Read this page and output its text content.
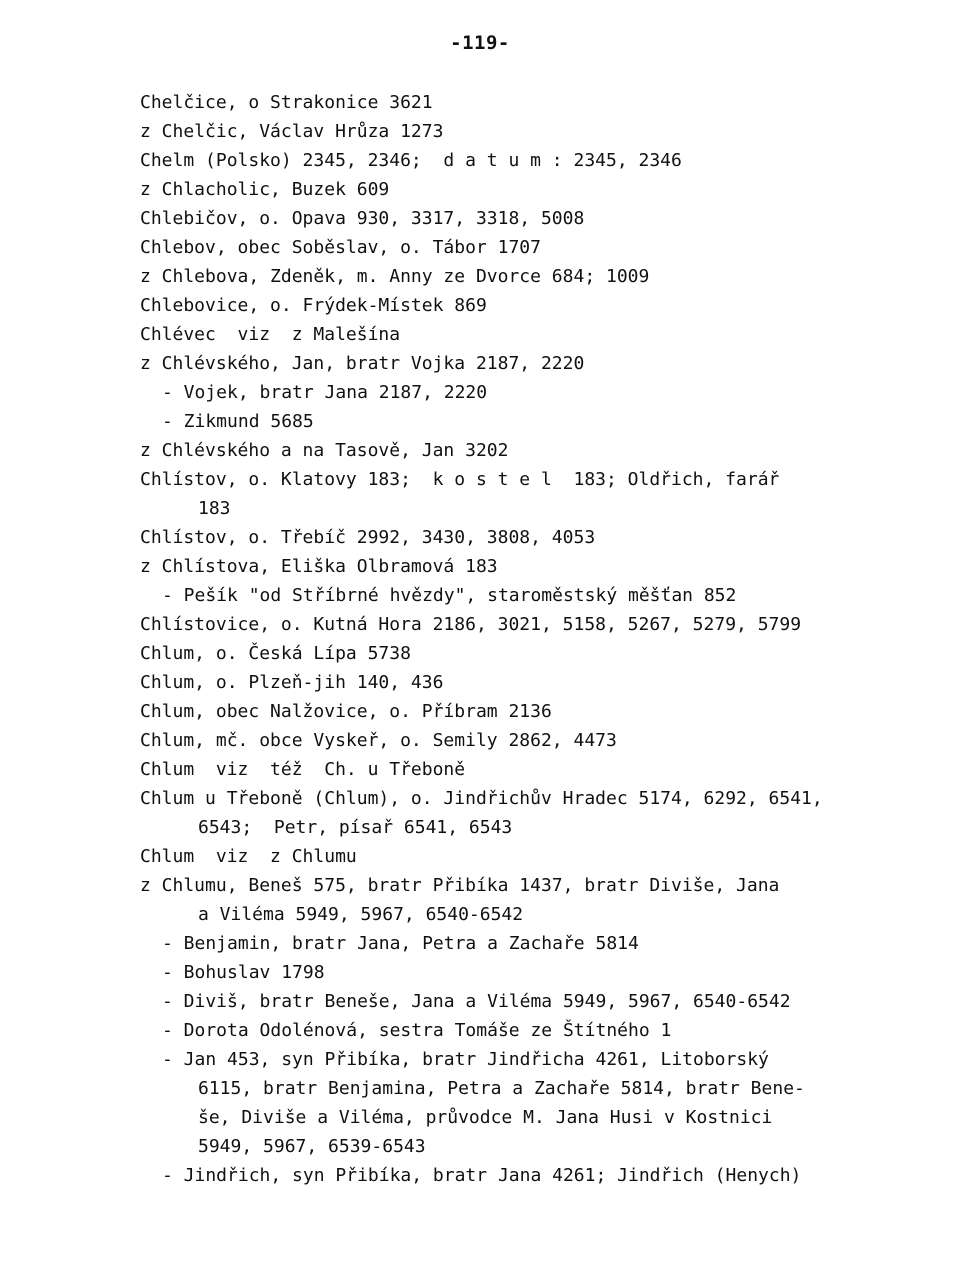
-119-
Chelčice, o Strakonice 3621
z Chelčic, Václav Hrůza 1273
Chelm (Polsko) 2345, 2346;  d a t u m : 2345, 2346
z Chlacholic, Buzek 609
Chlebičov, o. Opava 930, 3317, 3318, 5008
Chlebov, obec Soběslav, o. Tábor 1707
z Chlebova, Zdeněk, m. Anny ze Dvorce 684; 1009
Chlebovice, o. Frýdek-Místek 869
Chlévec  viz  z Malešína
z Chlévského, Jan, bratr Vojka 2187, 2220
- Vojek, bratr Jana 2187, 2220
- Zikmund 5685
z Chlévského a na Tasově, Jan 3202
Chlístov, o. Klatovy 183;  k o s t e l  183; Oldřich, farář
183
Chlístov, o. Třebíč 2992, 3430, 3808, 4053
z Chlístova, Eliška Olbramová 183
- Pešík "od Stříbrné hvězdy", staroměstský měšťan 852
Chlístovice, o. Kutná Hora 2186, 3021, 5158, 5267, 5279, 5799
Chlum, o. Česká Lípa 5738
Chlum, o. Plzeň-jih 140, 436
Chlum, obec Nalžovice, o. Příbram 2136
Chlum, mč. obce Vyskeř, o. Semily 2862, 4473
Chlum  viz  též  Ch. u Třeboně
Chlum u Třeboně (Chlum), o. Jindřichův Hradec 5174, 6292, 6541,
6543;  Petr, písař 6541, 6543
Chlum  viz  z Chlumu
z Chlumu, Beneš 575, bratr Přibíka 1437, bratr Diviše, Jana
a Viléma 5949, 5967, 6540-6542
- Benjamin, bratr Jana, Petra a Zachaře 5814
- Bohuslav 1798
- Diviš, bratr Beneše, Jana a Viléma 5949, 5967, 6540-6542
- Dorota Odolénová, sestra Tomáše ze Štítného 1
- Jan 453, syn Přibíka, bratr Jindřicha 4261, Litoborský
6115, bratr Benjamina, Petra a Zachaře 5814, bratr Bene-
še, Diviše a Viléma, průvodce M. Jana Husi v Kostnici
5949, 5967, 6539-6543
- Jindřich, syn Přibíka, bratr Jana 4261; Jindřich (Henych)
